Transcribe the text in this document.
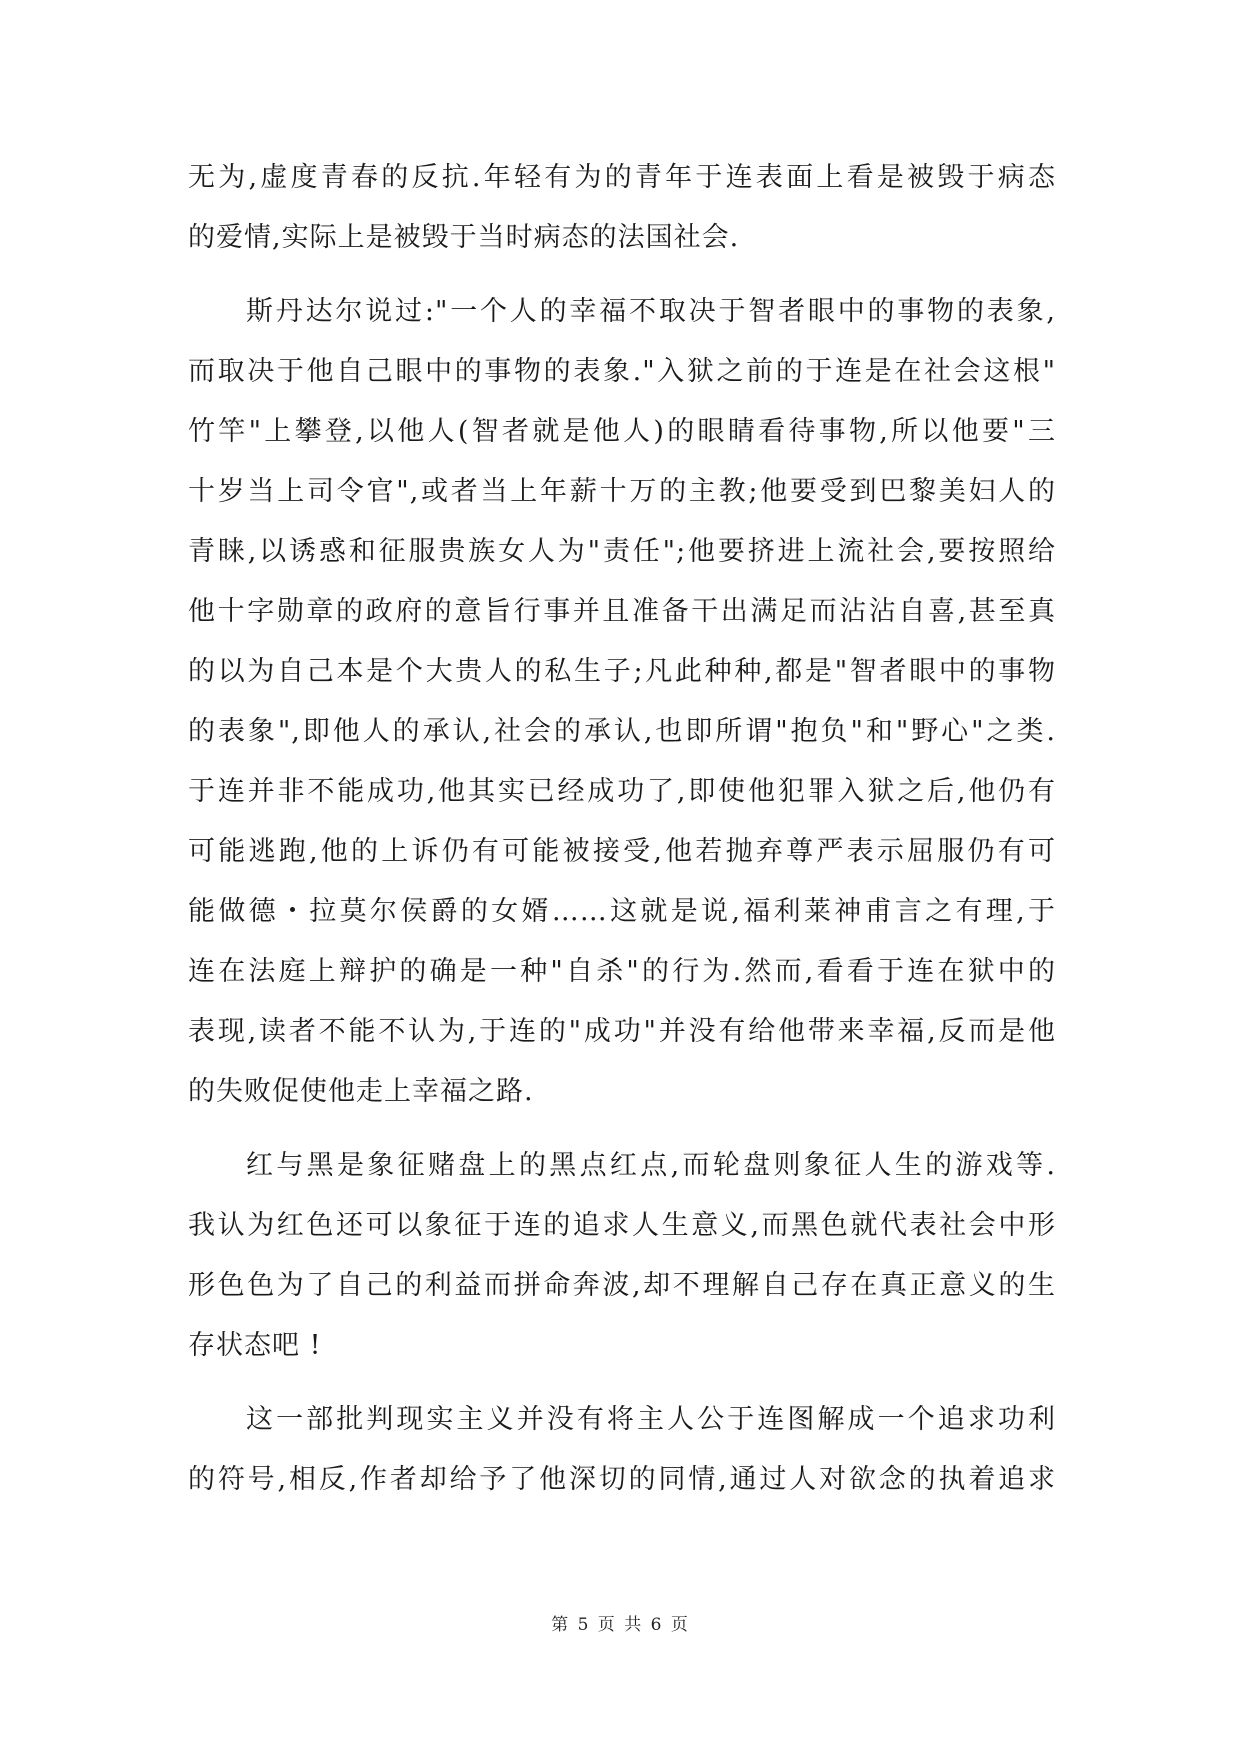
无为,虚度青春的反抗.年轻有为的青年于连表面上看是被毁于病态
的爱情,实际上是被毁于当时病态的法国社会.
斯丹达尔说过:"一个人的幸福不取决于智者眼中的事物的表象,
而取决于他自己眼中的事物的表象."入狱之前的于连是在社会这根"
竹竿"上攀登,以他人(智者就是他人)的眼睛看待事物,所以他要"三
十岁当上司令官",或者当上年薪十万的主教;他要受到巴黎美妇人的
青睐,以诱惑和征服贵族女人为"责任";他要挤进上流社会,要按照给
他十字勋章的政府的意旨行事并且准备干出满足而沾沾自喜,甚至真
的以为自己本是个大贵人的私生子;凡此种种,都是"智者眼中的事物
的表象",即他人的承认,社会的承认,也即所谓"抱负"和"野心"之类.
于连并非不能成功,他其实已经成功了,即使他犯罪入狱之后,他仍有
可能逃跑,他的上诉仍有可能被接受,他若抛弃尊严表示屈服仍有可
能做德・拉莫尔侯爵的女婿……这就是说,福利莱神甫言之有理,于
连在法庭上辩护的确是一种"自杀"的行为.然而,看看于连在狱中的
表现,读者不能不认为,于连的"成功"并没有给他带来幸福,反而是他
的失败促使他走上幸福之路.
红与黑是象征赌盘上的黑点红点,而轮盘则象征人生的游戏等.
我认为红色还可以象征于连的追求人生意义,而黑色就代表社会中形
形色色为了自己的利益而拼命奔波,却不理解自己存在真正意义的生
存状态吧 !
这一部批判现实主义并没有将主人公于连图解成一个追求功利
的符号,相反,作者却给予了他深切的同情,通过人对欲念的执着追求
第 5 页 共 6 页
